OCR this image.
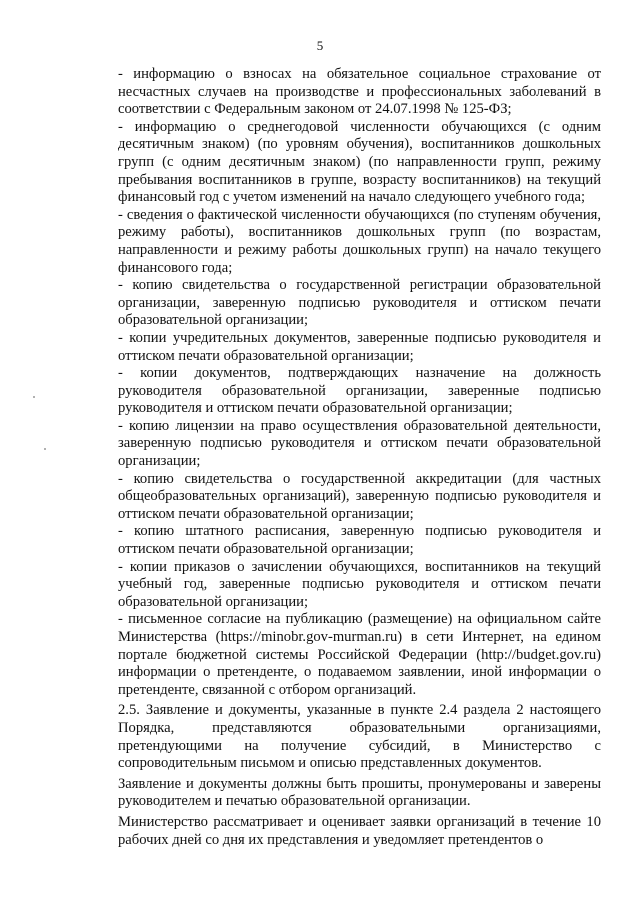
5

- информацию о взносах на обязательное социальное страхование от несчастных случаев на производстве и профессиональных заболеваний в соответствии с Федеральным законом от 24.07.1998 № 125-ФЗ;

- информацию о среднегодовой численности обучающихся (с одним десятичным знаком) (по уровням обучения), воспитанников дошкольных групп (с одним десятичным знаком) (по направленности групп, режиму пребывания воспитанников в группе, возрасту воспитанников) на текущий финансовый год с учетом изменений на начало следующего учебного года;

- сведения о фактической численности обучающихся (по ступеням обучения, режиму работы), воспитанников дошкольных групп (по возрастам, направленности и режиму работы дошкольных групп) на начало текущего финансового года;

- копию свидетельства о государственной регистрации образовательной организации, заверенную подписью руководителя и оттиском печати образовательной организации;

- копии учредительных документов, заверенные подписью руководителя и оттиском печати образовательной организации;

- копии документов, подтверждающих назначение на должность руководителя образовательной организации, заверенные подписью руководителя и оттиском печати образовательной организации;

- копию лицензии на право осуществления образовательной деятельности, заверенную подписью руководителя и оттиском печати образовательной организации;

- копию свидетельства о государственной аккредитации (для частных общеобразовательных организаций), заверенную подписью руководителя и оттиском печати образовательной организации;

- копию штатного расписания, заверенную подписью руководителя и оттиском печати образовательной организации;

- копии приказов о зачислении обучающихся, воспитанников на текущий учебный год, заверенные подписью руководителя и оттиском печати образовательной организации;

- письменное согласие на публикацию (размещение) на официальном сайте Министерства (https://minobr.gov-murman.ru) в сети Интернет, на едином портале бюджетной системы Российской Федерации (http://budget.gov.ru) информации о претенденте, о подаваемом заявлении, иной информации о претенденте, связанной с отбором организаций.

2.5. Заявление и документы, указанные в пункте 2.4 раздела 2 настоящего Порядка, представляются образовательными организациями, претендующими на получение субсидий, в Министерство с сопроводительным письмом и описью представленных документов.

Заявление и документы должны быть прошиты, пронумерованы и заверены руководителем и печатью образовательной организации.

Министерство рассматривает и оценивает заявки организаций в течение 10 рабочих дней со дня их представления и уведомляет претендентов о
